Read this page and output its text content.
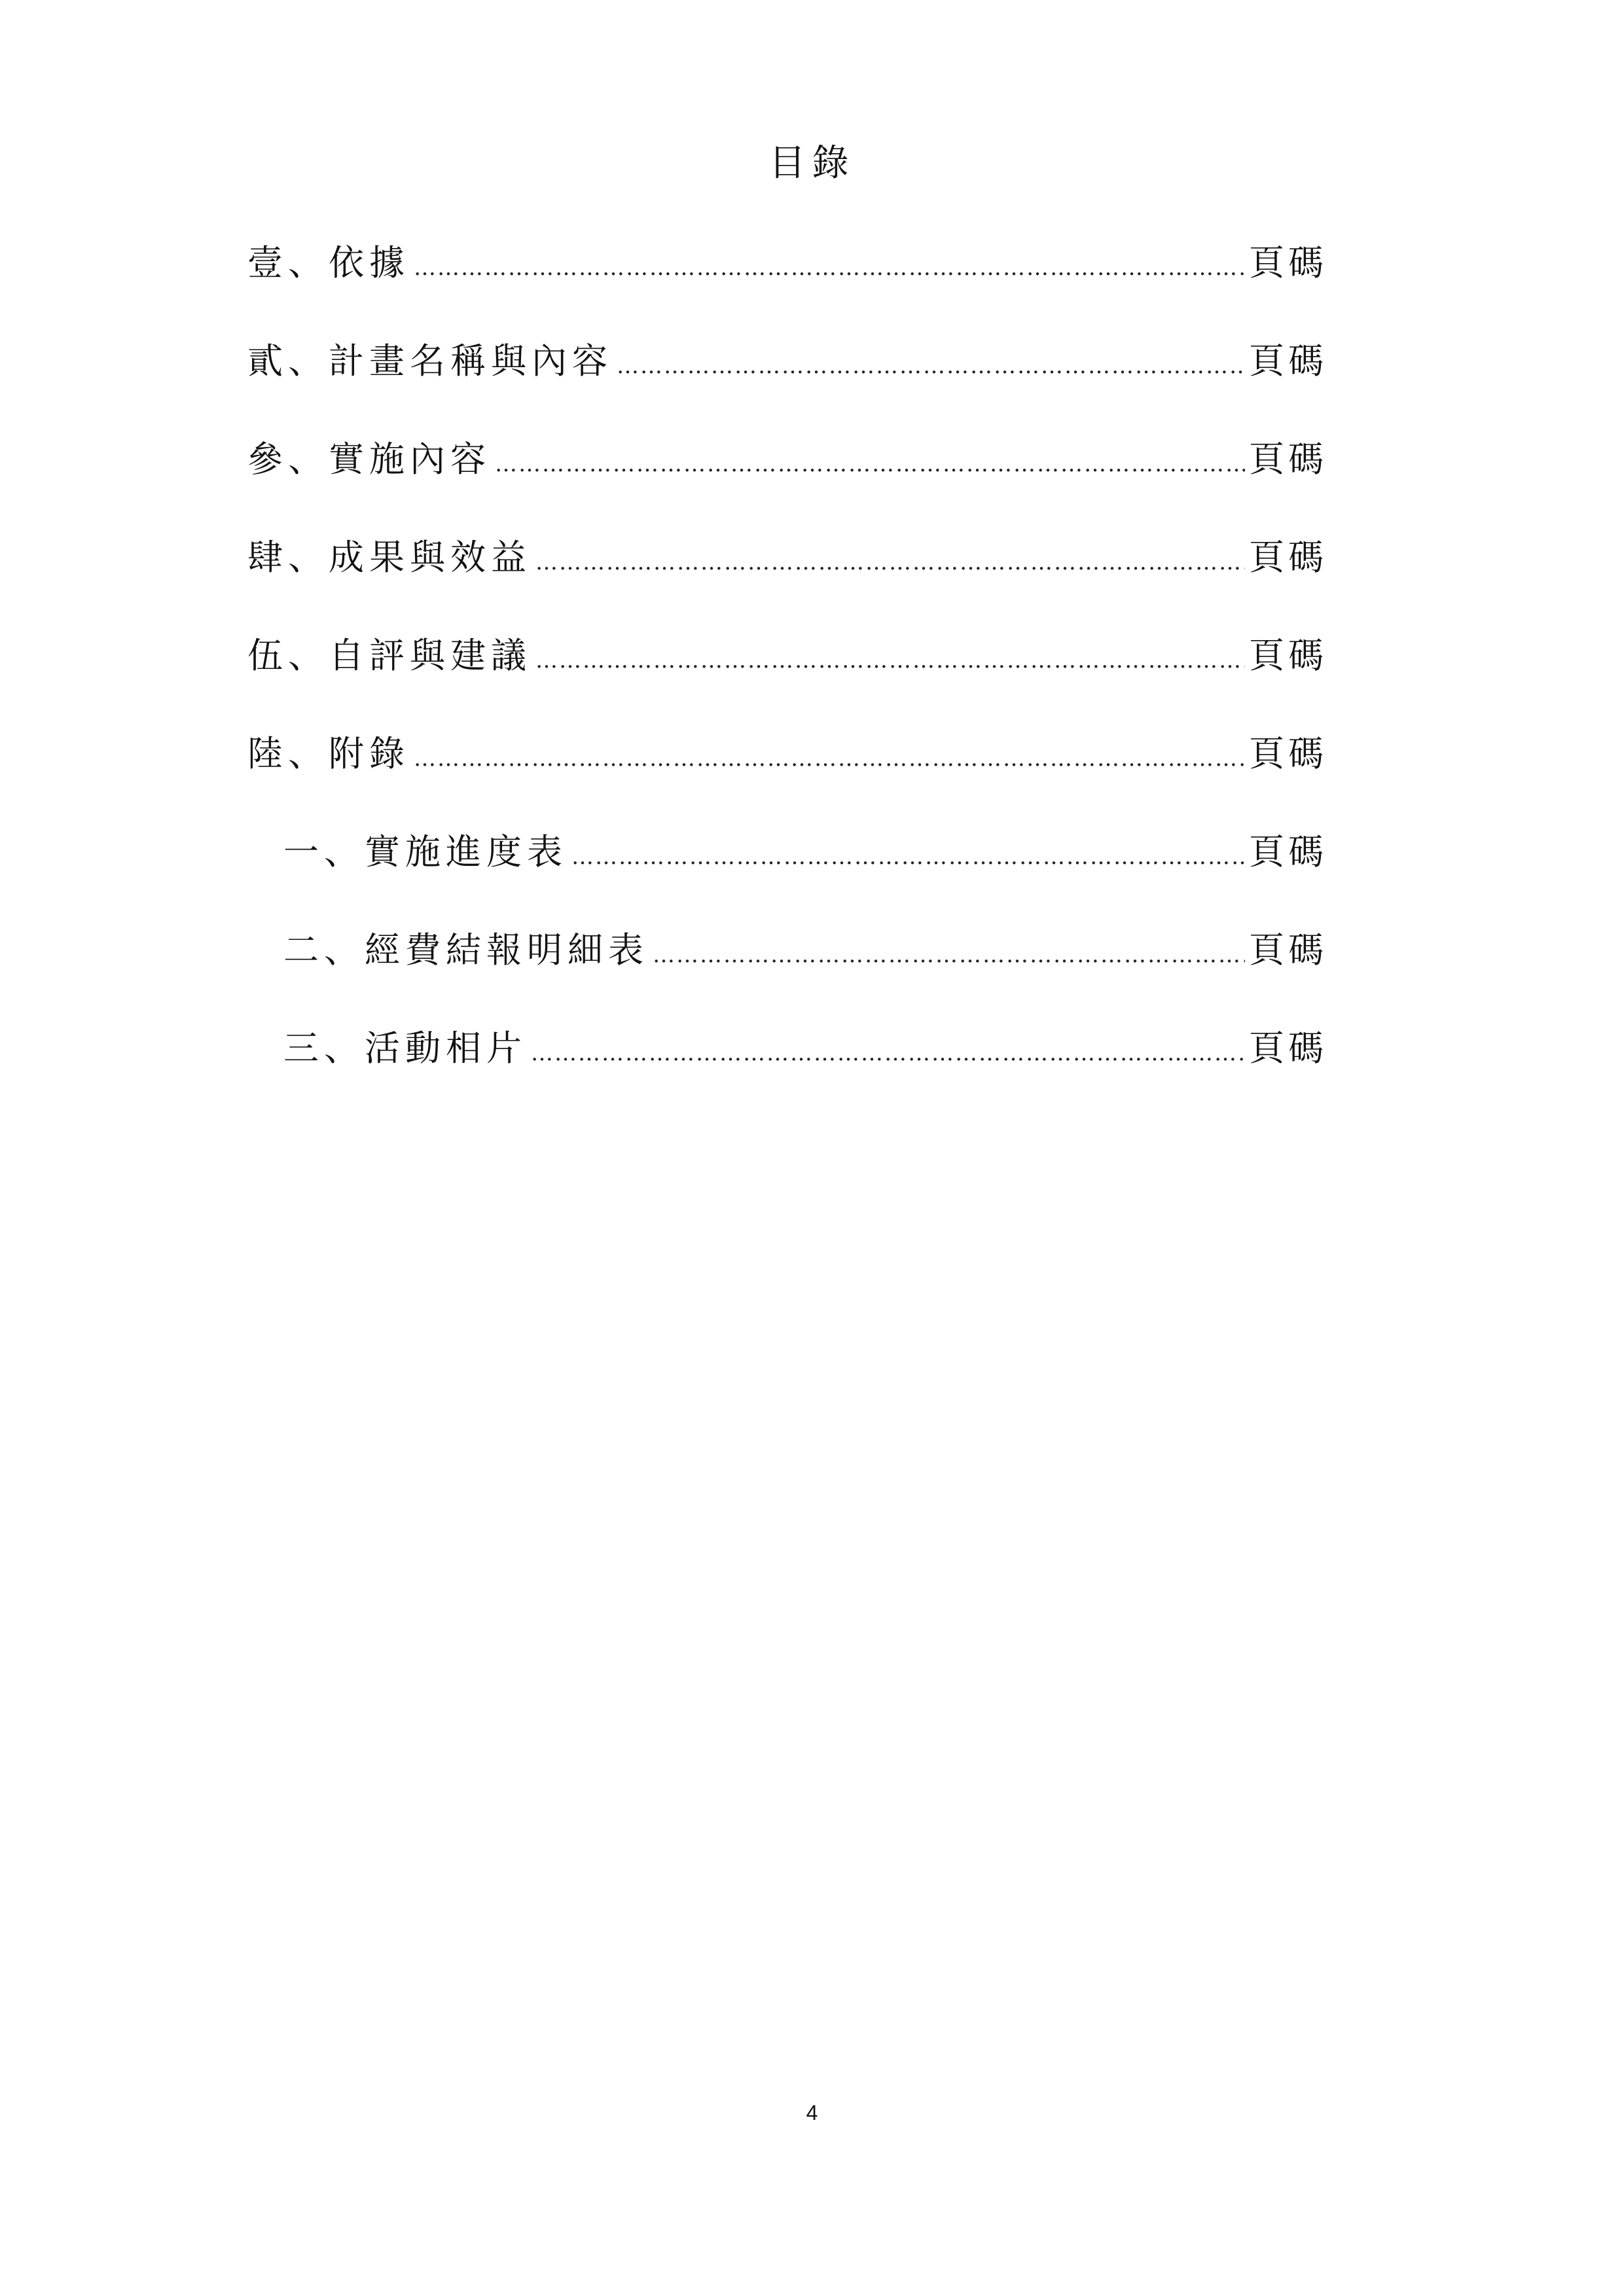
目錄
壹、依據 ……………………………………………………………………………………………………………………………………………………………………………………	頁碼
貳、計畫名稱與內容 ……………………………………………………………………………………………………………………………………………………………………………………	頁碼
參、實施內容 ……………………………………………………………………………………………………………………………………………………………………………………	頁碼
肆、成果與效益 ……………………………………………………………………………………………………………………………………………………………………………………	頁碼
伍、自評與建議 ……………………………………………………………………………………………………………………………………………………………………………………	頁碼
陸、附錄 ……………………………………………………………………………………………………………………………………………………………………………………	頁碼
一、實施進度表 ……………………………………………………………………………………………………………………………………………………………………………………	頁碼
二、經費結報明細表 ……………………………………………………………………………………………………………………………………………………………………………………	頁碼
三、活動相片 ……………………………………………………………………………………………………………………………………………………………………………………	頁碼
4
